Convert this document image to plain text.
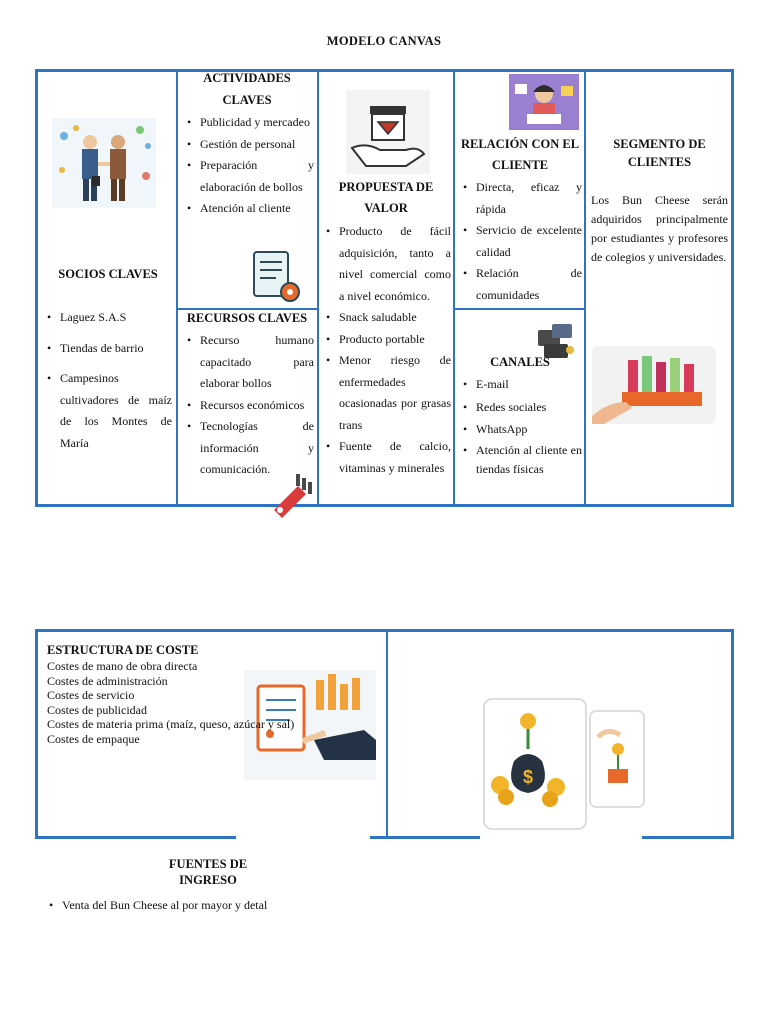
MODELO CANVAS
SOCIOS CLAVES
• Laguez S.A.S
• Tiendas de barrio
• Campesinos cultivadores de maíz de los Montes de María
ACTIVIDADES
CLAVES
• Publicidad y mercadeo
• Gestión de personal
• Preparación y elaboración de bollos
• Atención al cliente
RECURSOS CLAVES
• Recurso humano capacitado para elaborar bollos
• Recursos económicos
• Tecnologías de información y comunicación.
PROPUESTA DE
VALOR
• Producto de fácil adquisición, tanto a nivel comercial como a nivel económico.
• Snack saludable
• Producto portable
• Menor riesgo de enfermedades ocasionadas por grasas trans
• Fuente de calcio, vitaminas y minerales
RELACIÓN CON EL
CLIENTE
• Directa, eficaz y rápida
• Servicio de excelente calidad
• Relación de comunidades
CANALES
• E-mail
• Redes sociales
• WhatsApp
• Atención al cliente en tiendas físicas
SEGMENTO DE
CLIENTES
Los Bun Cheese serán adquiridos principalmente por estudiantes y profesores de colegios y universidades.
ESTRUCTURA DE COSTE
Costes de mano de obra directa
Costes de administración
Costes de servicio
Costes de publicidad
Costes de materia prima (maíz, queso, azúcar y sal)
Costes de empaque
$
FUENTES DE
INGRESO
• Venta del Bun Cheese al por mayor y detal
